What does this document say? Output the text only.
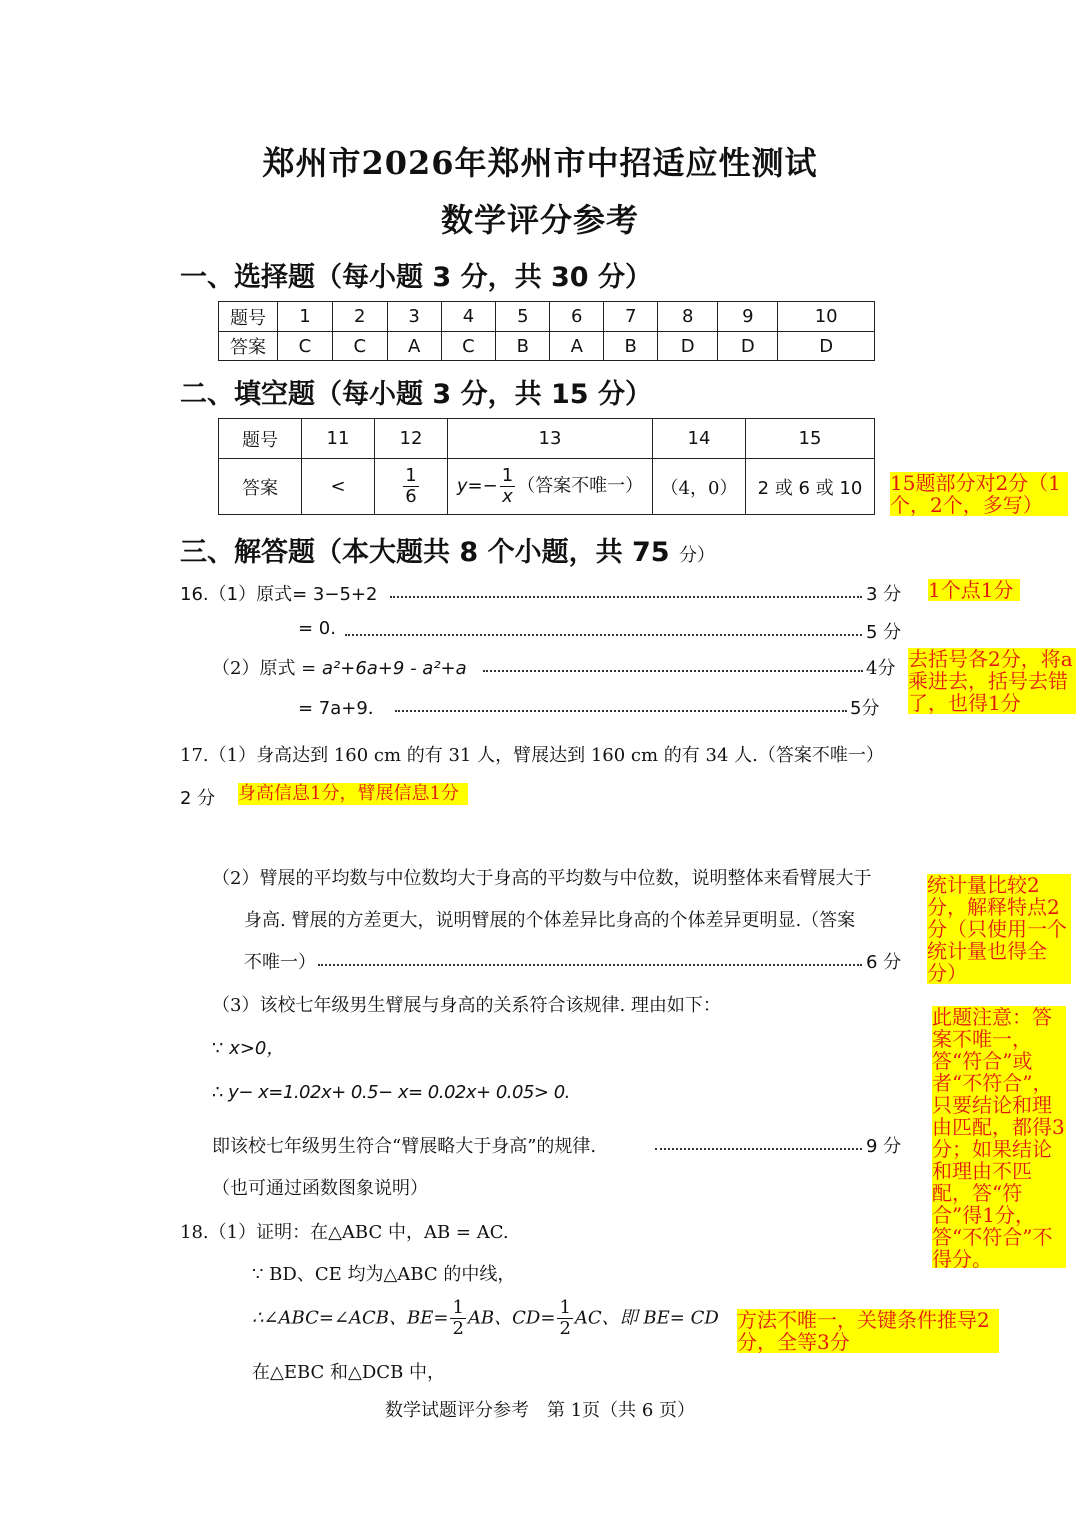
郑州市2026年郑州市中招适应性测试
数学评分参考
一、选择题（每小题 3 分，共 30 分）
题号	1	2	3	4	5	6	7	8	9	10
答案	C	C	A	C	B	A	B	D	D	D
二、填空题（每小题 3 分，共 15 分）
题号	11	12	13	14	15
答案	<	$\frac{1}{6}$	$y=- \frac{1}{x}$ （答案不唯一）	（4，0）	2 或 6 或 10
三、解答题（本大题共 8 个小题，共 75 分）
16.（1）原式= 3−5+2	3 分
= 0.	5 分
（2）原式 = a²+6a+9 - a²+a	4分
= 7a+9．	5分
17.（1）身高达到 160 cm 的有 31 人，臂展达到 160 cm 的有 34 人.（答案不唯一）
2 分
（2）臂展的平均数与中位数均大于身高的平均数与中位数，说明整体来看臂展大于
身高. 臂展的方差更大，说明臂展的个体差异比身高的个体差异更明显.（答案
不唯一）	6 分
（3）该校七年级男生臂展与身高的关系符合该规律. 理由如下：
∵ x>0，
∴ y− x=1.02x+ 0.5− x= 0.02x+ 0.05> 0.
即该校七年级男生符合“臂展略大于身高”的规律.	9 分
（也可通过函数图象说明）
18.（1）证明：在△ABC 中，AB = AC.
∵ BD、CE 均为△ABC 的中线，
∴∠ABC=∠ACB、$BE= \frac{1}{2}$ AB、$CD= \frac{1}{2}$ AC、即 BE= CD
在△EBC 和△DCB 中，
数学试题评分参考　第 1页（共 6 页）
15题部分对2分（1个，2个，多写）
1个点1分
去括号各2分，将a乘进去，括号去错了，也得1分
身高信息1分，臂展信息1分
统计量比较2分，解释特点2分（只使用一个统计量也得全分）
此题注意：答案不唯一，答“符合”或者“不符合”，只要结论和理由匹配，都得3分；如果结论和理由不匹配，答“符合”得1分，答“不符合”不得分。
方法不唯一，关键条件推导2分，全等3分
